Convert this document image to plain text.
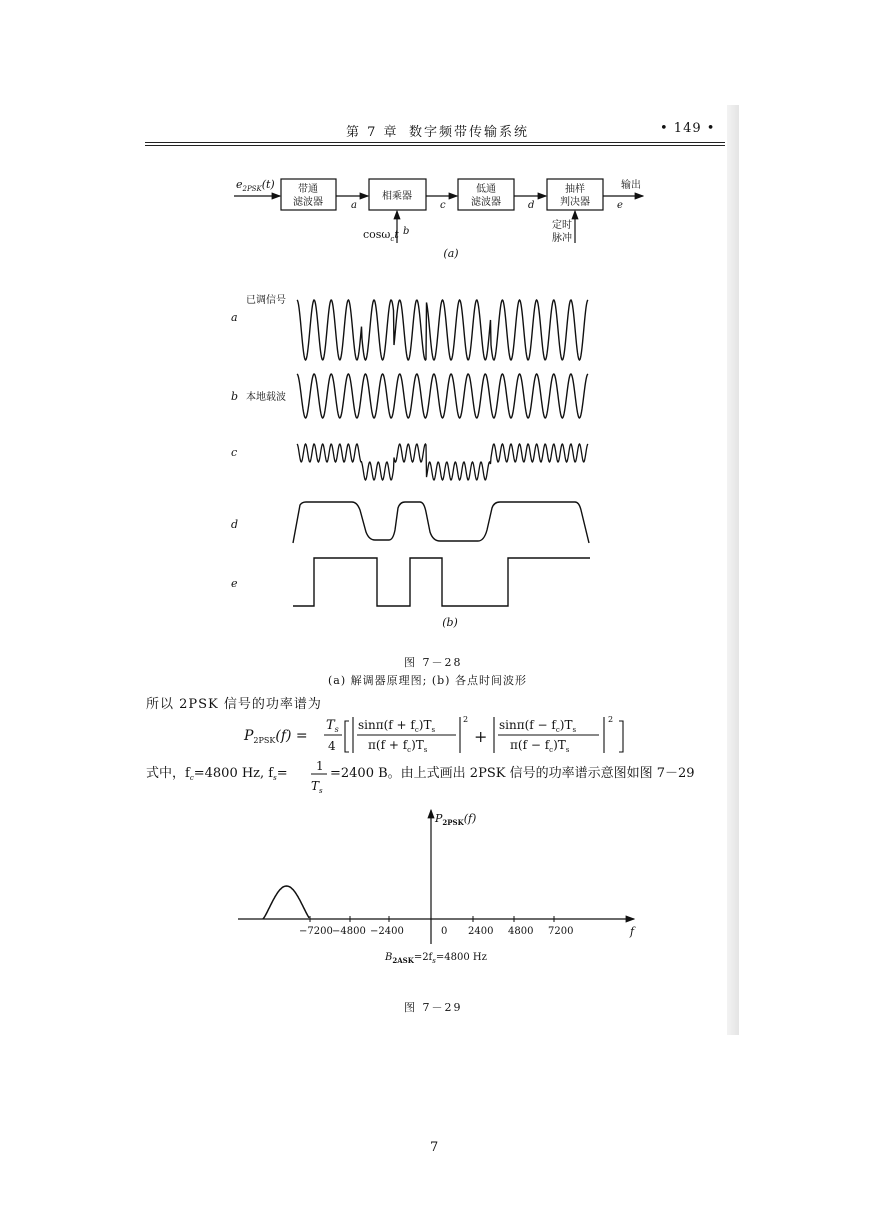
第 7 章 数字频带传输系统	• 149 •
$e_{2PSK}(t)$ 带通
滤波器
相乘器
低通
滤波器
抽样
判决器
a
b
c	d	e
cosω$_c$t
定时
脉冲
输出
(a)
a
已调信号
b 本地载波
c
d
e
(b)
图 7－28
(a) 解调器原理图; (b) 各点时间波形
所以 2PSK 信号的功率谱为
$P_{2PSK}(f)$ =
$T_s$
4
$\sin\pi(f + f_c)T_s$
$\pi(f + f_c)T_s$
2
+
$\sin\pi(f - f_c)T_s$
$\pi(f - f_c)T_s$
2
式中，$f_c=4800$ Hz, $f_s= 1$
$T_s$
=2400 B。由上式画出 2PSK 信号的功率谱示意图如图 7－29
$P_{2PSK}(f)$
f
−7200 −4800 −2400	0 2400 4800 7200
$B_{2ASK}=2f_s=4800$ Hz
图 7－29
7
